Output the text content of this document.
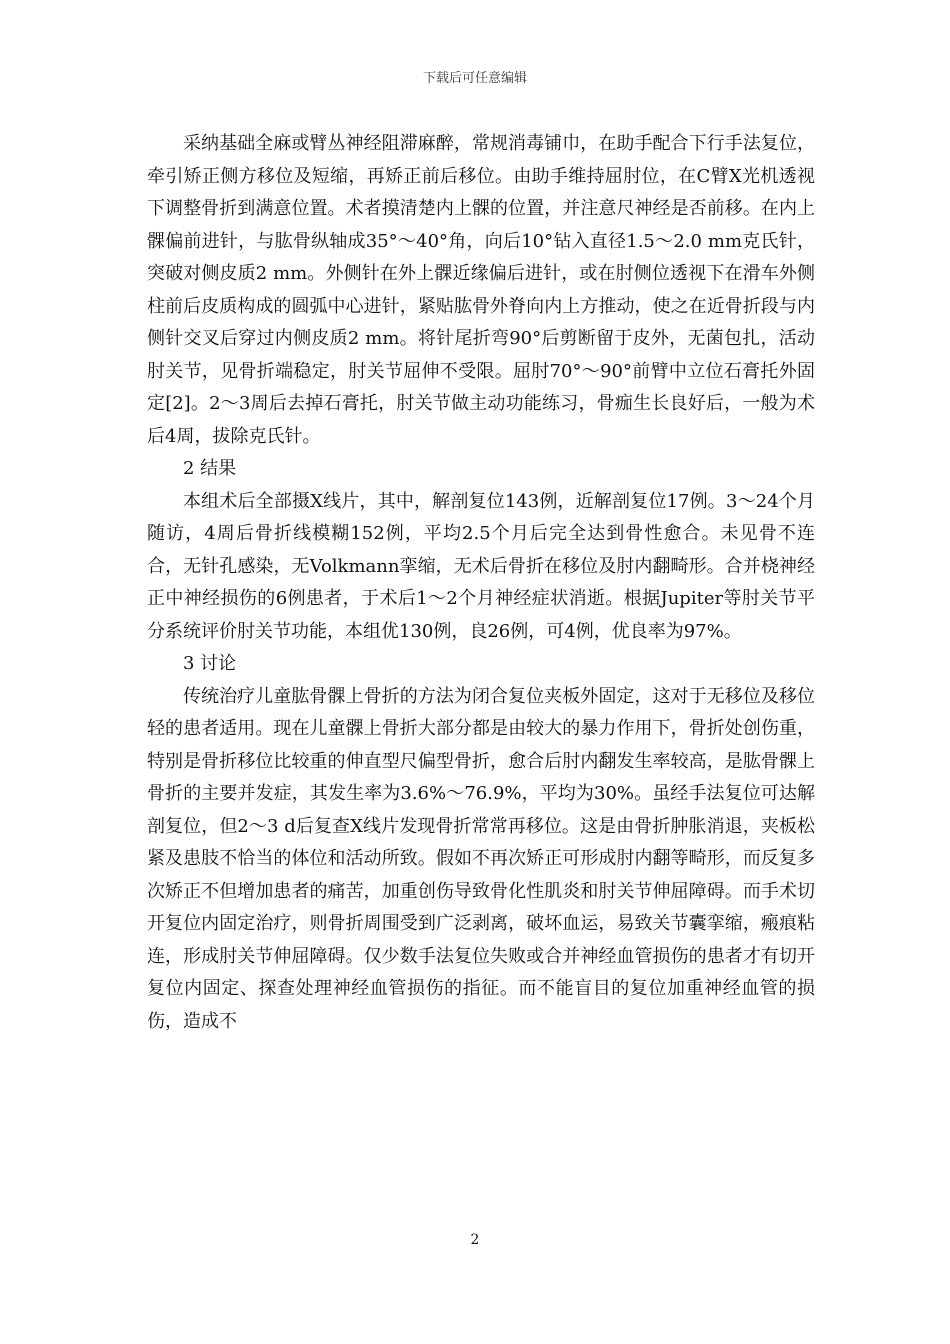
下载后可任意编辑

采纳基础全麻或臂丛神经阻滞麻醉，常规消毒铺巾，在助手配合下行手法复位，牵引矫正侧方移位及短缩，再矫正前后移位。由助手维持屈肘位，在C臂X光机透视下调整骨折到满意位置。术者摸清楚内上髁的位置，并注意尺神经是否前移。在内上髁偏前进针，与肱骨纵轴成35°～40°角，向后10°钻入直径1.5～2.0 mm克氏针，突破对侧皮质2 mm。外侧针在外上髁近缘偏后进针，或在肘侧位透视下在滑车外侧柱前后皮质构成的圆弧中心进针，紧贴肱骨外脊向内上方推动，使之在近骨折段与内侧针交叉后穿过内侧皮质2 mm。将针尾折弯90°后剪断留于皮外，无菌包扎，活动肘关节，见骨折端稳定，肘关节屈伸不受限。屈肘70°～90°前臂中立位石膏托外固定[2]。2～3周后去掉石膏托，肘关节做主动功能练习，骨痂生长良好后，一般为术后4周，拔除克氏针。

2 结果

本组术后全部摄X线片，其中，解剖复位143例，近解剖复位17例。3～24个月随访，4周后骨折线模糊152例，平均2.5个月后完全达到骨性愈合。未见骨不连合，无针孔感染，无Volkmann挛缩，无术后骨折在移位及肘内翻畸形。合并桡神经正中神经损伤的6例患者，于术后1～2个月神经症状消逝。根据Jupiter等肘关节平分系统评价肘关节功能，本组优130例，良26例，可4例，优良率为97%。

3 讨论

传统治疗儿童肱骨髁上骨折的方法为闭合复位夹板外固定，这对于无移位及移位轻的患者适用。现在儿童髁上骨折大部分都是由较大的暴力作用下，骨折处创伤重，特别是骨折移位比较重的伸直型尺偏型骨折，愈合后肘内翻发生率较高，是肱骨髁上骨折的主要并发症，其发生率为3.6%～76.9%，平均为30%。虽经手法复位可达解剖复位，但2～3 d后复查X线片发现骨折常常再移位。这是由骨折肿胀消退，夹板松紧及患肢不恰当的体位和活动所致。假如不再次矫正可形成肘内翻等畸形，而反复多次矫正不但增加患者的痛苦，加重创伤导致骨化性肌炎和肘关节伸屈障碍。而手术切开复位内固定治疗，则骨折周围受到广泛剥离，破坏血运，易致关节囊挛缩，瘢痕粘连，形成肘关节伸屈障碍。仅少数手法复位失败或合并神经血管损伤的患者才有切开复位内固定、探查处理神经血管损伤的指征。而不能盲目的复位加重神经血管的损伤，造成不

2
